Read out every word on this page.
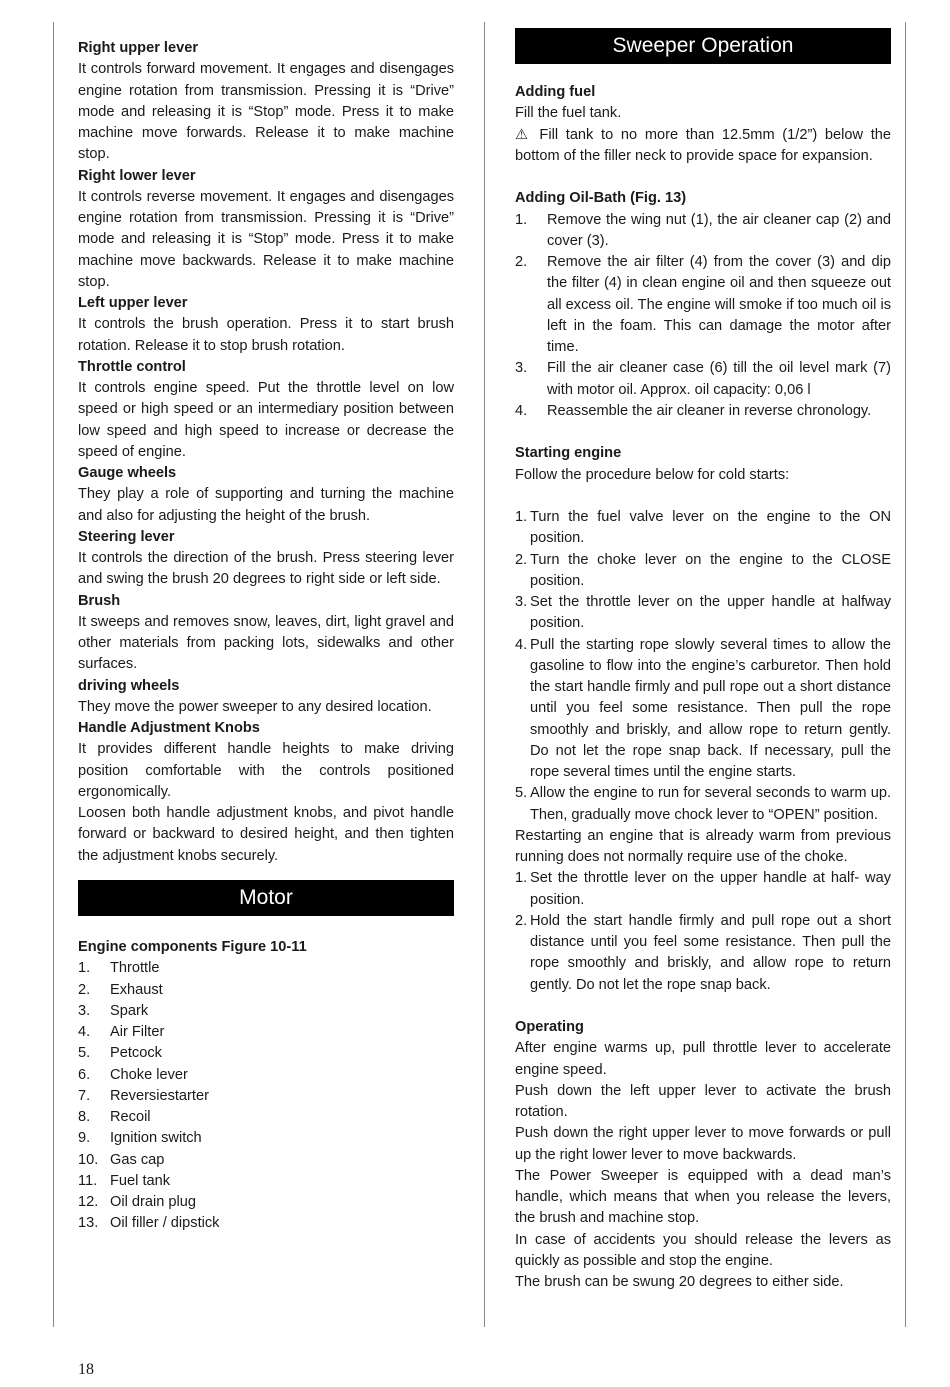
Right upper lever

It controls forward movement. It engages and disengages engine rotation from transmission. Pressing it is “Drive” mode and releasing it is “Stop” mode. Press it to make machine move forwards. Release it to make machine stop.

Right lower lever

It controls reverse movement. It engages and disengages engine rotation from transmission. Pressing it is “Drive” mode and releasing it is “Stop” mode. Press it to make machine move backwards. Release it to make machine stop.

Left upper lever

It controls the brush operation. Press it to start brush rotation. Release it to stop brush rotation.

Throttle control

It controls engine speed. Put the throttle level on low speed or high speed or an intermediary position between low speed and high speed to increase or decrease the speed of engine.

Gauge wheels

They play a role of supporting and turning the machine and also for adjusting the height of the brush.

Steering lever

It controls the direction of the brush. Press steering lever and swing the brush 20 degrees to right side or left side.

Brush

It sweeps and removes snow, leaves, dirt, light gravel and other materials from packing lots, sidewalks and other surfaces.

driving wheels

They move the power sweeper to any desired location.

Handle Adjustment Knobs

It provides different handle heights to make driving position comfortable with the controls positioned ergonomically.

Loosen both handle adjustment knobs, and pivot handle forward or backward to desired height, and then tighten the adjustment knobs securely.

Motor
Engine components Figure 10-11
1. Throttle
2. Exhaust
3. Spark
4. Air Filter
5. Petcock
6. Choke lever
7. Reversiestarter
8. Recoil
9. Ignition switch
10. Gas cap
11. Fuel tank
12. Oil drain plug
13. Oil filler / dipstick
Sweeper Operation
Adding fuel

Fill the fuel tank.

⚠ Fill tank to no more than 12.5mm (1/2”) below the bottom of the filler neck to provide space for expansion.

Adding Oil-Bath (Fig. 13)
1. Remove the wing nut (1), the air cleaner cap (2) and cover (3).
2. Remove the air filter (4) from the cover (3) and dip the filter (4) in clean engine oil and then squeeze out all excess oil. The engine will smoke if too much oil is left in the foam. This can damage the motor after time.
3. Fill the air cleaner case (6) till the oil level mark (7) with motor oil. Approx. oil capacity: 0,06 l
4. Reassemble the air cleaner in reverse chronology.
Starting engine

Follow the procedure below for cold starts:

1. Turn the fuel valve lever on the engine to the ON position.
2. Turn the choke lever on the engine to the CLOSE position.
3. Set the throttle lever on the upper handle at halfway position.
4. Pull the starting rope slowly several times to allow the gasoline to flow into the engine’s carburetor. Then hold the start handle firmly and pull rope out a short distance until you feel some resistance. Then pull the rope smoothly and briskly, and allow rope to return gently. Do not let the rope snap back. If necessary, pull the rope several times until the engine starts.
5. Allow the engine to run for several seconds to warm up. Then, gradually move chock lever to “OPEN” position.

Restarting an engine that is already warm from previous running does not normally require use of the choke.

1. Set the throttle lever on the upper handle at half- way position.
2. Hold the start handle firmly and pull rope out a short distance until you feel some resistance. Then pull the rope smoothly and briskly, and allow rope to return gently. Do not let the rope snap back.
Operating

After engine warms up, pull throttle lever to accelerate engine speed.

Push down the left upper lever to activate the brush rotation.

Push down the right upper lever to move forwards or pull up the right lower lever to move backwards.

The Power Sweeper is equipped with a dead man’s handle, which means that when you release the levers, the brush and machine stop.

In case of accidents you should release the levers as quickly as possible and stop the engine.

The brush can be swung 20 degrees to either side.

18
